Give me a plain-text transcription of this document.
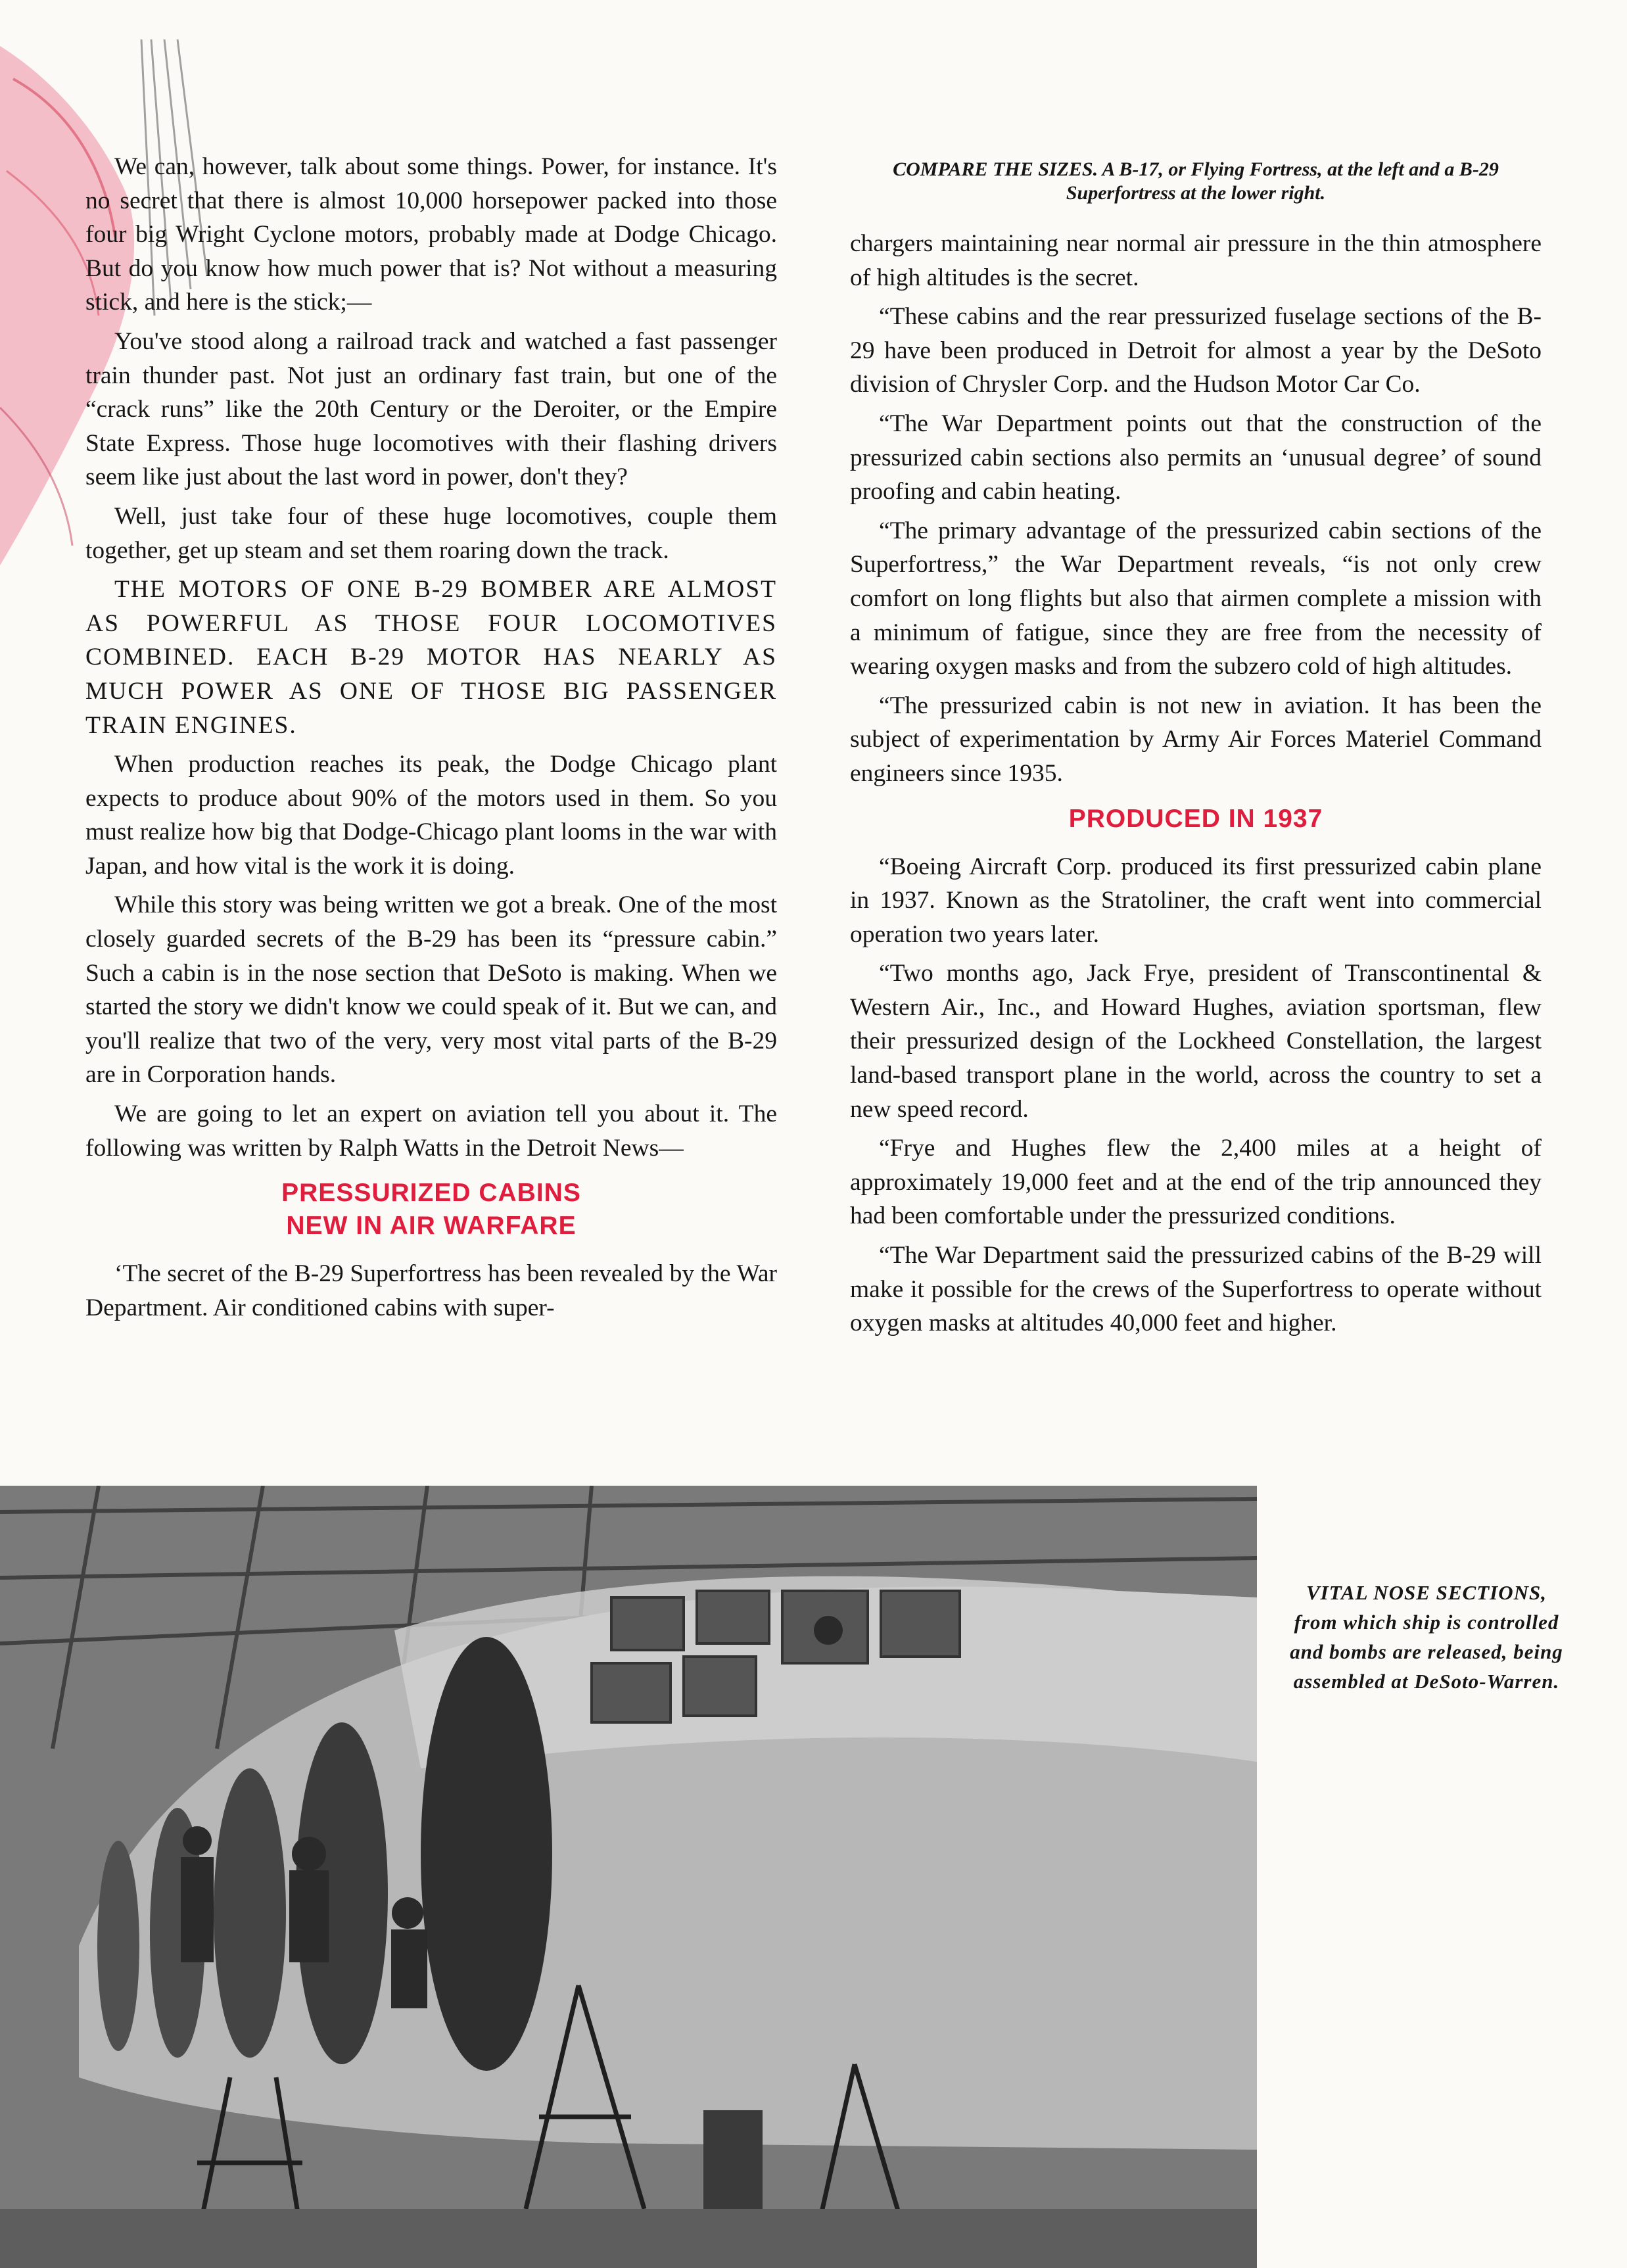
COMPARE THE SIZES. A B-17, or Flying Fortress, at the left and a B-29 Superfortress at the lower right.

We can, however, talk about some things. Power, for instance. It's no secret that there is almost 10,000 horsepower packed into those four big Wright Cyclone motors, probably made at Dodge Chicago. But do you know how much power that is? Not without a measuring stick, and here is the stick;—

You've stood along a railroad track and watched a fast passenger train thunder past. Not just an ordinary fast train, but one of the “crack runs” like the 20th Century or the Deroiter, or the Empire State Express. Those huge locomotives with their flashing drivers seem like just about the last word in power, don't they?

Well, just take four of these huge locomotives, couple them together, get up steam and set them roaring down the track.

THE MOTORS OF ONE B-29 BOMBER ARE ALMOST AS POWERFUL AS THOSE FOUR LOCOMOTIVES COMBINED. EACH B-29 MOTOR HAS NEARLY AS MUCH POWER AS ONE OF THOSE BIG PASSENGER TRAIN ENGINES.

When production reaches its peak, the Dodge Chicago plant expects to produce about 90% of the motors used in them. So you must realize how big that Dodge-Chicago plant looms in the war with Japan, and how vital is the work it is doing.

While this story was being written we got a break. One of the most closely guarded secrets of the B-29 has been its “pressure cabin.” Such a cabin is in the nose section that DeSoto is making. When we started the story we didn't know we could speak of it. But we can, and you'll realize that two of the very, very most vital parts of the B-29 are in Corporation hands.

We are going to let an expert on aviation tell you about it. The following was written by Ralph Watts in the Detroit News—

PRESSURIZED CABINS
NEW IN AIR WARFARE

‘The secret of the B-29 Superfortress has been revealed by the War Department. Air conditioned cabins with super-

chargers maintaining near normal air pressure in the thin atmosphere of high altitudes is the secret.

“These cabins and the rear pressurized fuselage sections of the B-29 have been produced in Detroit for almost a year by the DeSoto division of Chrysler Corp. and the Hudson Motor Car Co.

“The War Department points out that the construction of the pressurized cabin sections also permits an ‘unusual degree’ of sound proofing and cabin heating.

“The primary advantage of the pressurized cabin sections of the Superfortress,” the War Department reveals, “is not only crew comfort on long flights but also that airmen complete a mission with a minimum of fatigue, since they are free from the necessity of wearing oxygen masks and from the subzero cold of high altitudes.

“The pressurized cabin is not new in aviation. It has been the subject of experimentation by Army Air Forces Materiel Command engineers since 1935.

PRODUCED IN 1937

“Boeing Aircraft Corp. produced its first pressurized cabin plane in 1937. Known as the Stratoliner, the craft went into commercial operation two years later.

“Two months ago, Jack Frye, president of Transcontinental & Western Air., Inc., and Howard Hughes, aviation sportsman, flew their pressurized design of the Lockheed Constellation, the largest land-based transport plane in the world, across the country to set a new speed record.

“Frye and Hughes flew the 2,400 miles at a height of approximately 19,000 feet and at the end of the trip announced they had been comfortable under the pressurized conditions.

“The War Department said the pressurized cabins of the B-29 will make it possible for the crews of the Superfortress to operate without oxygen masks at altitudes 40,000 feet and higher.

VITAL NOSE SECTIONS, from which ship is controlled and bombs are released, being assembled at DeSoto-Warren.
